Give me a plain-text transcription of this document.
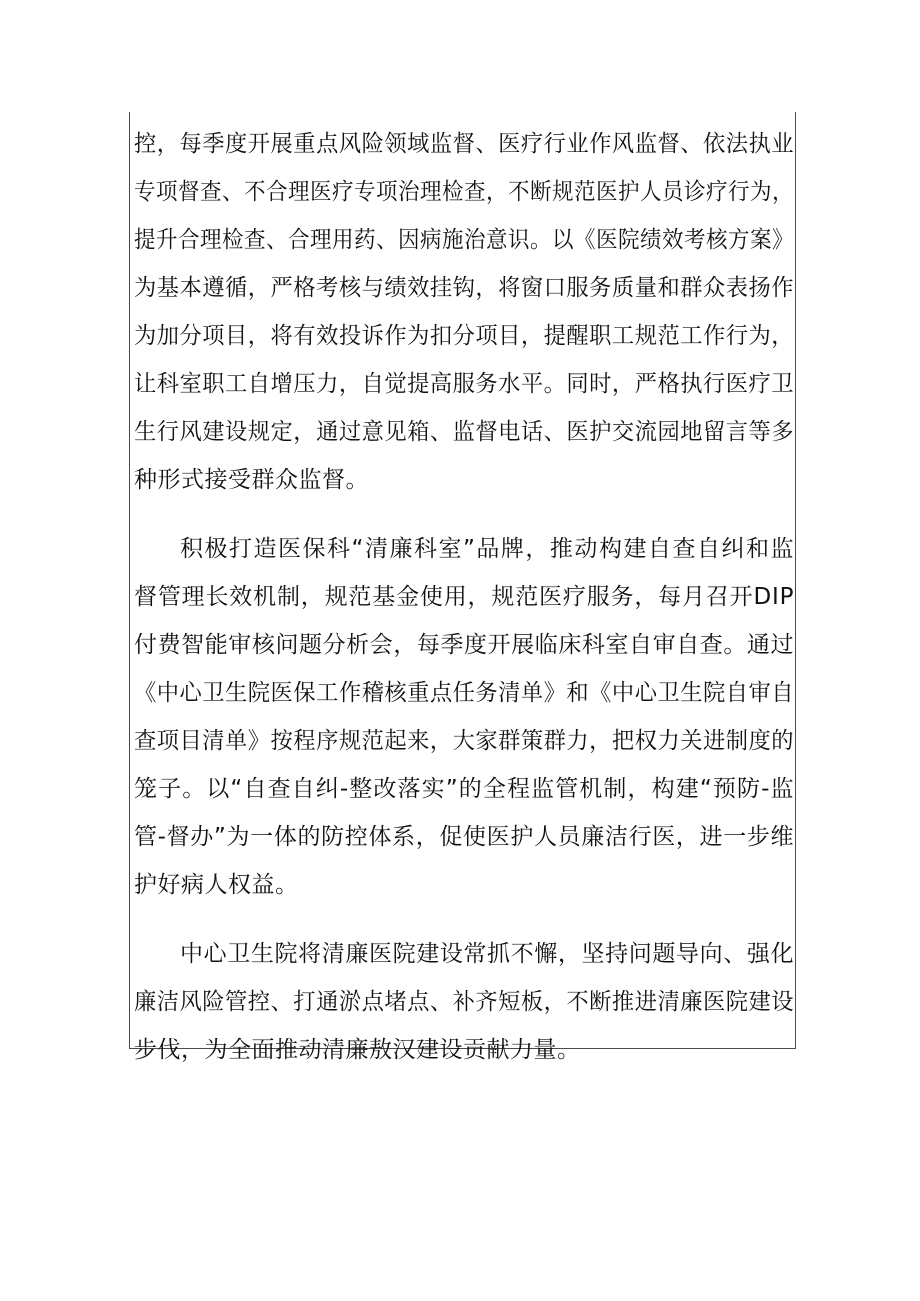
控，每季度开展重点风险领域监督、医疗行业作风监督、依法执业
专项督查、不合理医疗专项治理检查，不断规范医护人员诊疗行为，
提升合理检查、合理用药、因病施治意识。以《医院绩效考核方案》
为基本遵循，严格考核与绩效挂钩，将窗口服务质量和群众表扬作
为加分项目，将有效投诉作为扣分项目，提醒职工规范工作行为，
让科室职工自增压力，自觉提高服务水平。同时，严格执行医疗卫
生行风建设规定，通过意见箱、监督电话、医护交流园地留言等多
种形式接受群众监督。
积极打造医保科“清廉科室”品牌，推动构建自查自纠和监
督管理长效机制，规范基金使用，规范医疗服务，每月召开DIP
付费智能审核问题分析会，每季度开展临床科室自审自查。通过
《中心卫生院医保工作稽核重点任务清单》和《中心卫生院自审自
查项目清单》按程序规范起来，大家群策群力，把权力关进制度的
笼子。以“自查自纠-整改落实”的全程监管机制，构建“预防-监
管-督办”为一体的防控体系，促使医护人员廉洁行医，进一步维
护好病人权益。
中心卫生院将清廉医院建设常抓不懈，坚持问题导向、强化
廉洁风险管控、打通淤点堵点、补齐短板，不断推进清廉医院建设
步伐，为全面推动清廉敖汉建设贡献力量。
